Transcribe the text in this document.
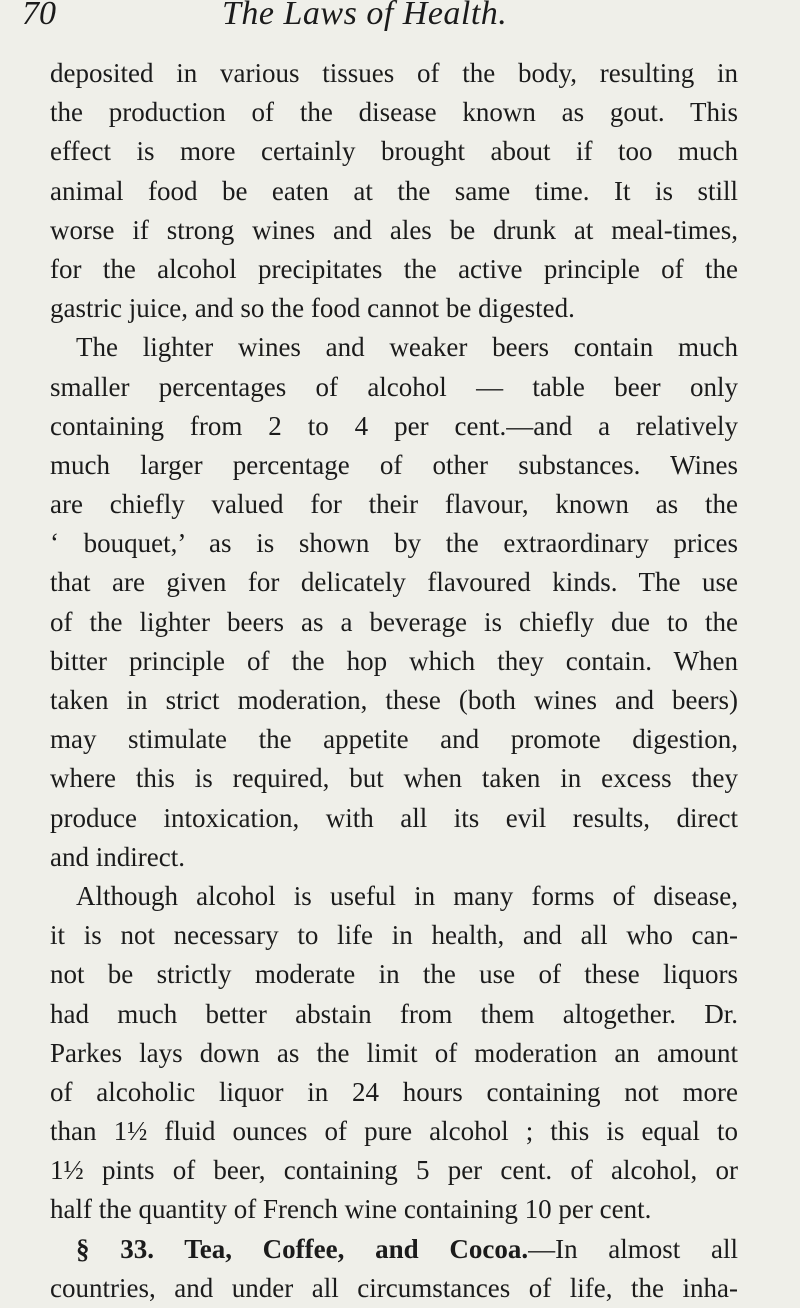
70	The Laws of Health.
deposited in various tissues of the body, resulting in
the production of the disease known as gout. This
effect is more certainly brought about if too much
animal food be eaten at the same time. It is still
worse if strong wines and ales be drunk at meal-times,
for the alcohol precipitates the active principle of the
gastric juice, and so the food cannot be digested.
The lighter wines and weaker beers contain much
smaller percentages of alcohol — table beer only
containing from 2 to 4 per cent.—and a relatively
much larger percentage of other substances. Wines
are chiefly valued for their flavour, known as the
‘ bouquet,’ as is shown by the extraordinary prices
that are given for delicately flavoured kinds. The use
of the lighter beers as a beverage is chiefly due to the
bitter principle of the hop which they contain. When
taken in strict moderation, these (both wines and beers)
may stimulate the appetite and promote digestion,
where this is required, but when taken in excess they
produce intoxication, with all its evil results, direct
and indirect.
Although alcohol is useful in many forms of disease,
it is not necessary to life in health, and all who can-
not be strictly moderate in the use of these liquors
had much better abstain from them altogether. Dr.
Parkes lays down as the limit of moderation an amount
of alcoholic liquor in 24 hours containing not more
than 1½ fluid ounces of pure alcohol ; this is equal to
1½ pints of beer, containing 5 per cent. of alcohol, or
half the quantity of French wine containing 10 per cent.
§ 33. Tea, Coffee, and Cocoa.—In almost all
countries, and under all circumstances of life, the inha-
